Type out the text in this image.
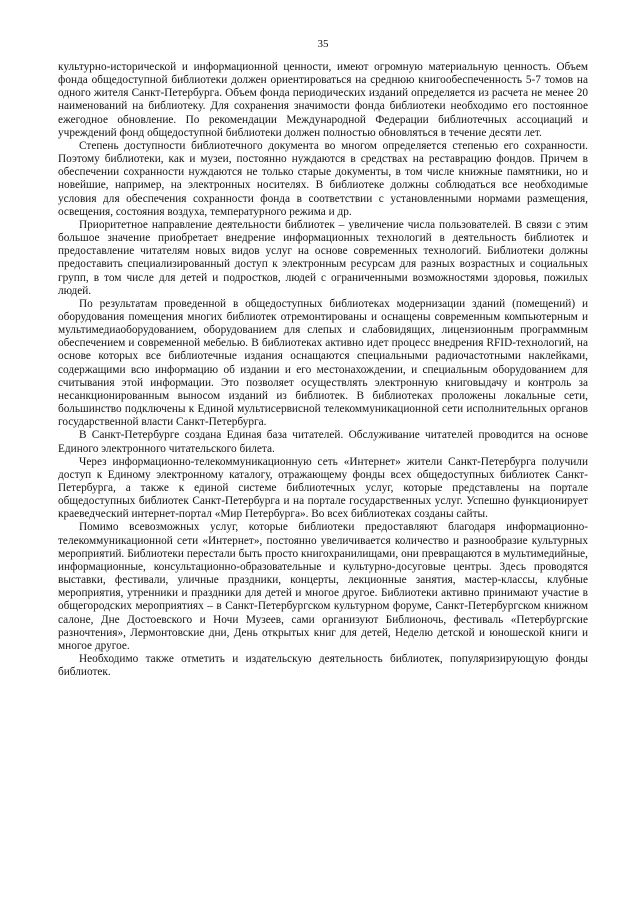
35

культурно-исторической и информационной ценности, имеют огромную материальную ценность. Объем фонда общедоступной библиотеки должен ориентироваться на среднюю книгообеспеченность 5-7 томов на одного жителя Санкт-Петербурга. Объем фонда периодических изданий определяется из расчета не менее 20 наименований на библиотеку. Для сохранения значимости фонда библиотеки необходимо его постоянное ежегодное обновление. По рекомендации Международной Федерации библиотечных ассоциаций и учреждений фонд общедоступной библиотеки должен полностью обновляться в течение десяти лет.

Степень доступности библиотечного документа во многом определяется степенью его сохранности. Поэтому библиотеки, как и музеи, постоянно нуждаются в средствах на реставрацию фондов. Причем в обеспечении сохранности нуждаются не только старые документы, в том числе книжные памятники, но и новейшие, например, на электронных носителях. В библиотеке должны соблюдаться все необходимые условия для обеспечения сохранности фонда в соответствии с установленными нормами размещения, освещения, состояния воздуха, температурного режима и др.

Приоритетное направление деятельности библиотек – увеличение числа пользователей. В связи с этим большое значение приобретает внедрение информационных технологий в деятельность библиотек и предоставление читателям новых видов услуг на основе современных технологий. Библиотеки должны предоставить специализированный доступ к электронным ресурсам для разных возрастных и социальных групп, в том числе для детей и подростков, людей с ограниченными возможностями здоровья, пожилых людей.

По результатам проведенной в общедоступных библиотеках модернизации зданий (помещений) и оборудования помещения многих библиотек отремонтированы и оснащены современным компьютерным и мультимедиаоборудованием, оборудованием для слепых и слабовидящих, лицензионным программным обеспечением и современной мебелью. В библиотеках активно идет процесс внедрения RFID-технологий, на основе которых все библиотечные издания оснащаются специальными радиочастотными наклейками, содержащими всю информацию об издании и его местонахождении, и специальным оборудованием для считывания этой информации. Это позволяет осуществлять электронную книговыдачу и контроль за несанкционированным выносом изданий из библиотек. В библиотеках проложены локальные сети, большинство подключены к Единой мультисервисной телекоммуникационной сети исполнительных органов государственной власти Санкт-Петербурга.

В Санкт-Петербурге создана Единая база читателей. Обслуживание читателей проводится на основе Единого электронного читательского билета.

Через информационно-телекоммуникационную сеть «Интернет» жители Санкт-Петербурга получили доступ к Единому электронному каталогу, отражающему фонды всех общедоступных библиотек Санкт-Петербурга, а также к единой системе библиотечных услуг, которые представлены на портале общедоступных библиотек Санкт-Петербурга и на портале государственных услуг. Успешно функционирует краеведческий интернет-портал «Мир Петербурга». Во всех библиотеках созданы сайты.

Помимо всевозможных услуг, которые библиотеки предоставляют благодаря информационно-телекоммуникационной сети «Интернет», постоянно увеличивается количество и разнообразие культурных мероприятий. Библиотеки перестали быть просто книгохранилищами, они превращаются в мультимедийные, информационные, консультационно-образовательные и культурно-досуговые центры. Здесь проводятся выставки, фестивали, уличные праздники, концерты, лекционные занятия, мастер-классы, клубные мероприятия, утренники и праздники для детей и многое другое. Библиотеки активно принимают участие в общегородских мероприятиях – в Санкт-Петербургском культурном форуме, Санкт-Петербургском книжном салоне, Дне Достоевского и Ночи Музеев, сами организуют Библионочь, фестиваль «Петербургские разночтения», Лермонтовские дни, День открытых книг для детей, Неделю детской и юношеской книги и многое другое.

Необходимо также отметить и издательскую деятельность библиотек, популяризирующую фонды библиотек.
